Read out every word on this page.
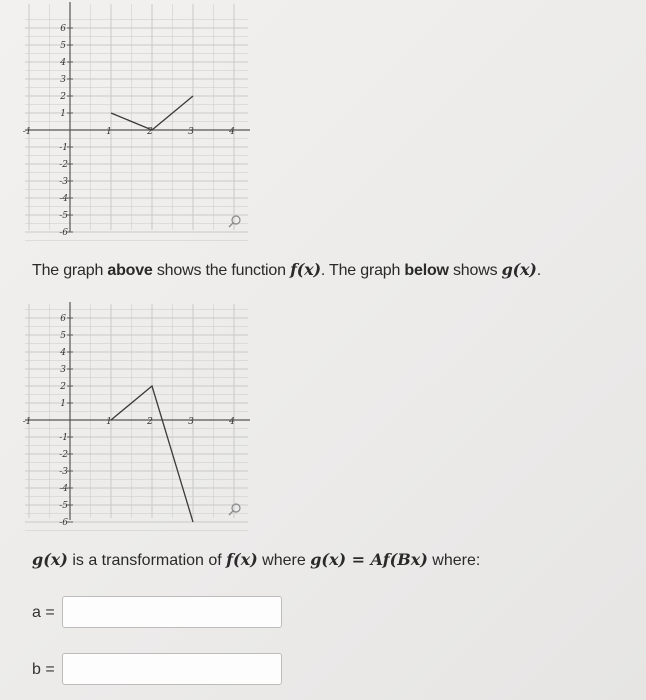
-1	1	2	3	4
1
2
3
4
5
6
-1
-2
-3
-4
-5
-6
The graph above shows the function f(x). The graph below shows g(x).
-1	1	2	3	4
1
2
3
4
5
6
-1
-2
-3
-4
-5
-6
g(x) is a transformation of f(x) where g(x) = Af(Bx) where:
a =
b =
